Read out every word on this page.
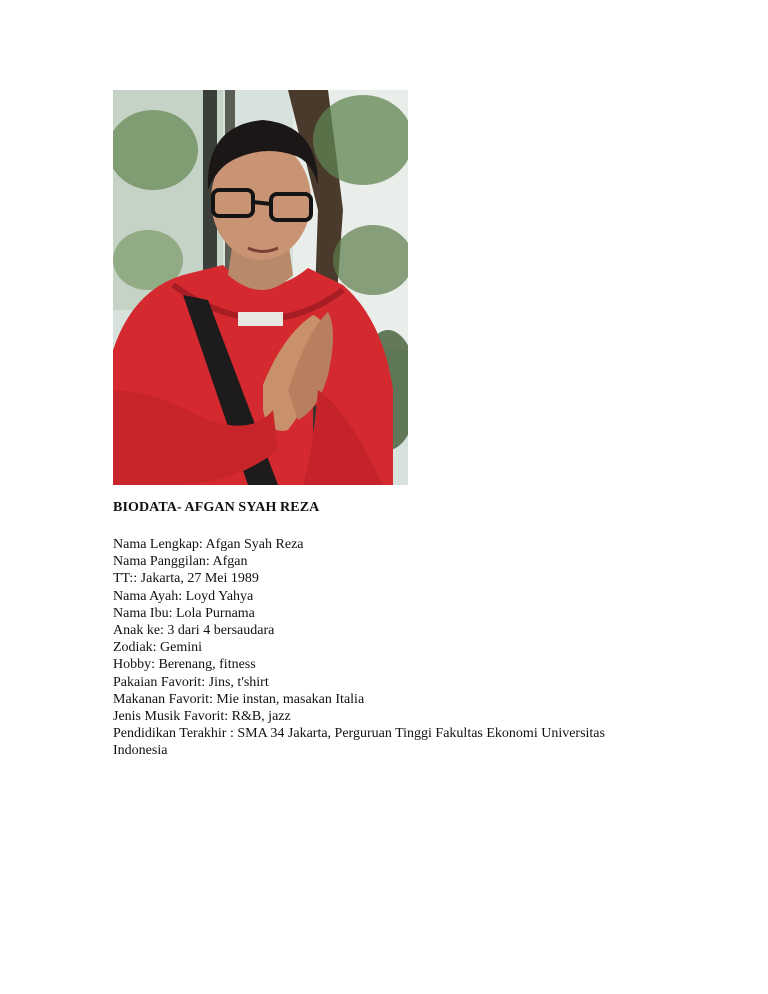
BIODATA- AFGAN SYAH REZA
Nama Lengkap: Afgan Syah Reza
Nama Panggilan: Afgan
TT:: Jakarta, 27 Mei 1989
Nama Ayah: Loyd Yahya
Nama Ibu: Lola Purnama
Anak ke: 3 dari 4 bersaudara
Zodiak: Gemini
Hobby: Berenang, fitness
Pakaian Favorit: Jins, t'shirt
Makanan Favorit: Mie instan, masakan Italia
Jenis Musik Favorit: R&B, jazz
Pendidikan Terakhir : SMA 34 Jakarta, Perguruan Tinggi Fakultas Ekonomi Universitas Indonesia
